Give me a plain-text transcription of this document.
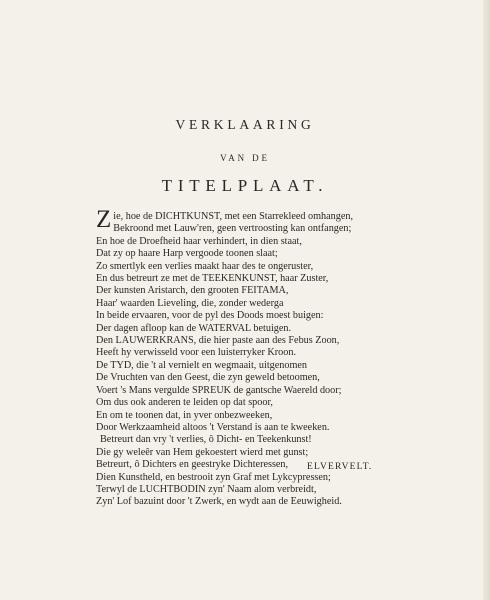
VERKLAARING
VAN DE
TITELPLAAT.
Z ie, hoe de DICHTKUNST, met een Starrekleed omhangen,
Bekroond met Lauw'ren, geen vertroosting kan ontfangen;
En hoe de Droefheid haar verhindert, in dien staat,
Dat zy op haare Harp vergoode toonen slaat;
Zo smertlyk een verlies maakt haar des te ongeruster,
En dus betreurt ze met de TEEKENKUNST, haar Zuster,
Der kunsten Aristarch, den grooten FEITAMA,
Haar' waarden Lieveling, die, zonder wederga
In beide ervaaren, voor de pyl des Doods moest buigen:
Der dagen afloop kan de WATERVAL betuigen.
Den LAUWERKRANS, die hier paste aan des Febus Zoon,
Heeft hy verwisseld voor een luisterryker Kroon.
De TYD, die 't al vernielt en wegmaait, uitgenomen
De Vruchten van den Geest, die zyn geweld betoomen,
Voert 's Mans vergulde SPREUK de gantsche Waereld door;
Om dus ook anderen te leiden op dat spoor,
En om te toonen dat, in yver onbezweeken,
Door Werkzaamheid altoos 't Verstand is aan te kweeken.
Betreurt dan vry 't verlies, ô Dicht- en Teekenkunst!
Die gy weleêr van Hem gekoestert wierd met gunst;
Betreurt, ô Dichters en geestryke Dichteressen,
Dien Kunstheld, en bestrooit zyn Graf met Lykcypressen;
Terwyl de LUCHTBODIN zyn' Naam alom verbreidt,
Zyn' Lof bazuint door 't Zwerk, en wydt aan de Eeuwigheid.
ELVERVELT.
